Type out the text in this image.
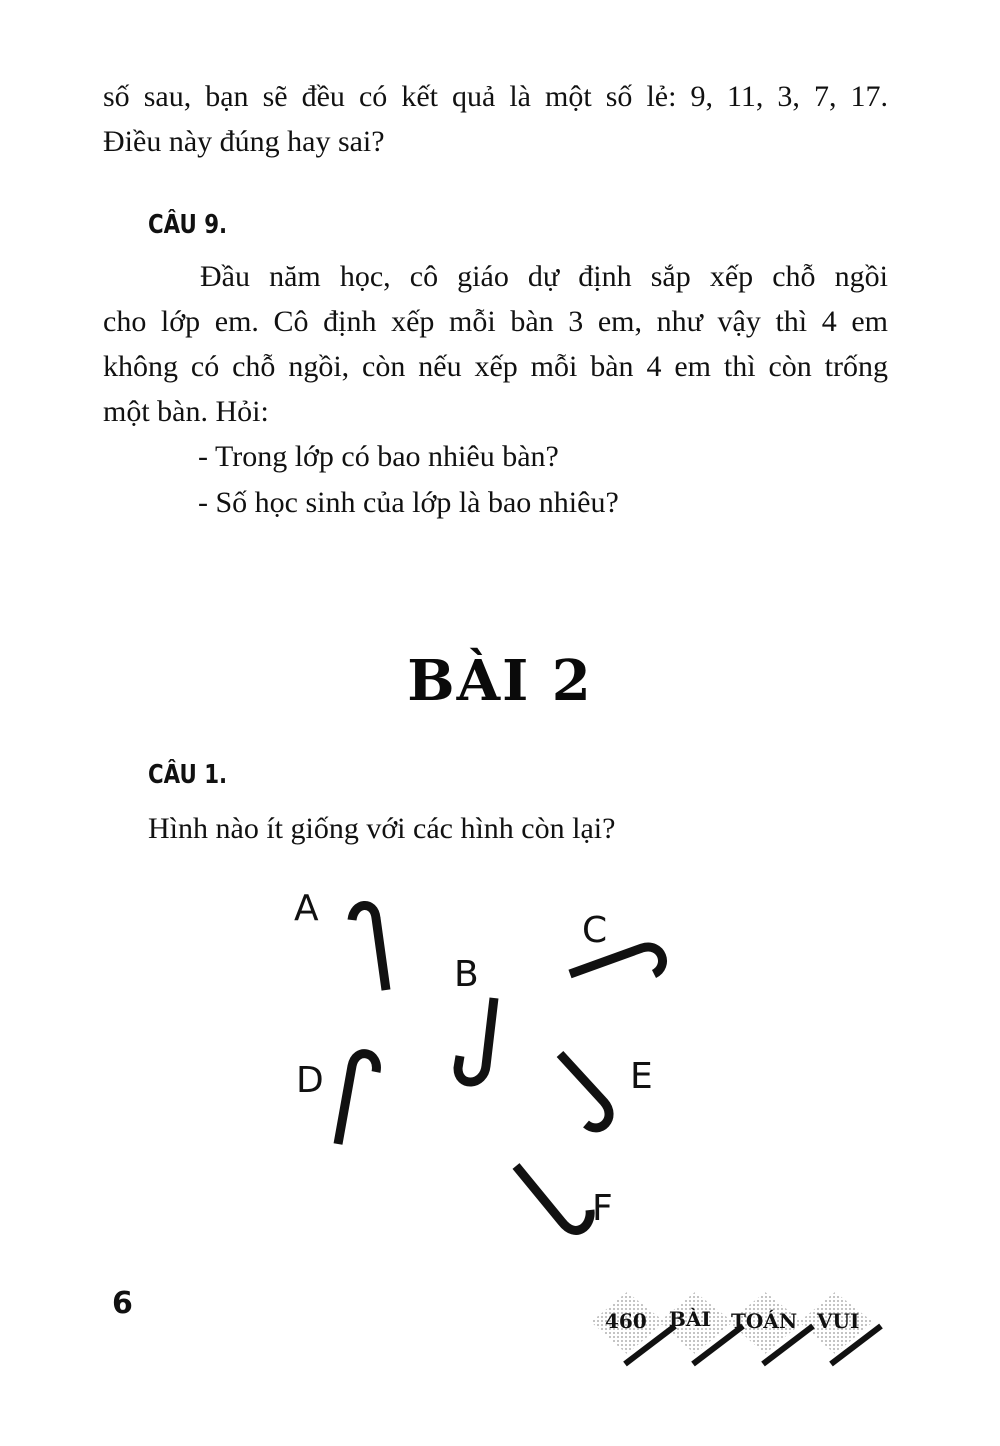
số sau, bạn sẽ đều có kết quả là một số lẻ: 9, 11, 3, 7, 17.
Điều này đúng hay sai?
CÂU 9.
Đầu năm học, cô giáo dự định sắp xếp chỗ ngồi
cho lớp em. Cô định xếp mỗi bàn 3 em, như vậy thì 4 em
không có chỗ ngồi, còn nếu xếp mỗi bàn 4 em thì còn trống
một bàn. Hỏi:
- Trong lớp có bao nhiêu bàn?
- Số học sinh của lớp là bao nhiêu?
BÀI 2
CÂU 1.
Hình nào ít giống với các hình còn lại?
A
B
C
D	E
F
6	460 BÀI TOÁN VUI
